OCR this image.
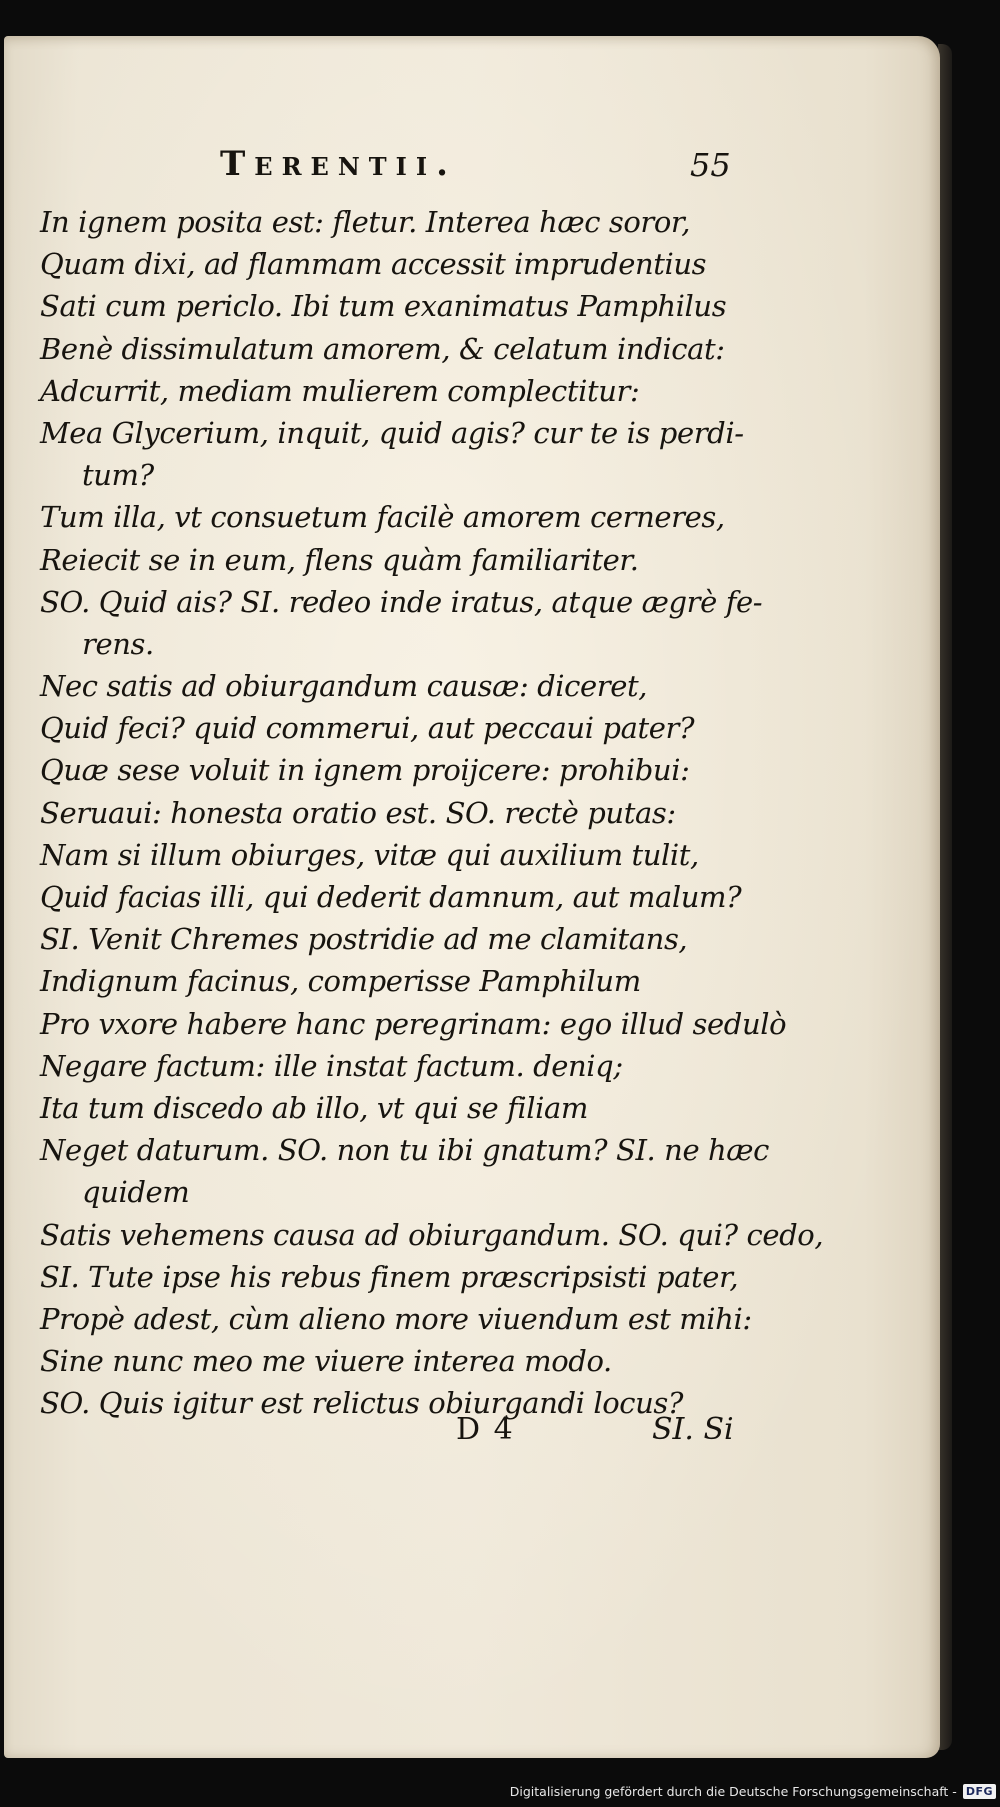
Terentii.	55
In ignem posita est: fletur. Interea hæc soror,
Quam dixi, ad flammam accessit imprudentius
Sati cum periclo. Ibi tum exanimatus Pamphilus
Benè dissimulatum amorem, & celatum indicat:
Adcurrit, mediam mulierem complectitur:
Mea Glycerium, inquit, quid agis? cur te is perdi-
tum?
Tum illa, vt consuetum facilè amorem cerneres,
Reiecit se in eum, flens quàm familiariter.
SO. Quid ais? SI. redeo inde iratus, atque ægrè fe-
rens.
Nec satis ad obiurgandum causæ: diceret,
Quid feci? quid commerui, aut peccaui pater?
Quæ sese voluit in ignem proijcere: prohibui:
Seruaui: honesta oratio est. SO. rectè putas:
Nam si illum obiurges, vitæ qui auxilium tulit,
Quid facias illi, qui dederit damnum, aut malum?
SI. Venit Chremes postridie ad me clamitans,
Indignum facinus, comperisse Pamphilum
Pro vxore habere hanc peregrinam: ego illud sedulò
Negare factum: ille instat factum. deniq;
Ita tum discedo ab illo, vt qui se filiam
Neget daturum. SO. non tu ibi gnatum? SI. ne hæc
quidem
Satis vehemens causa ad obiurgandum. SO. qui? cedo,
SI. Tute ipse his rebus finem præscripsisti pater,
Propè adest, cùm alieno more viuendum est mihi:
Sine nunc meo me viuere interea modo.
SO. Quis igitur est relictus obiurgandi locus?
D 4	SI. Si
Digitalisierung gefördert durch die Deutsche Forschungsgemeinschaft - DFG
